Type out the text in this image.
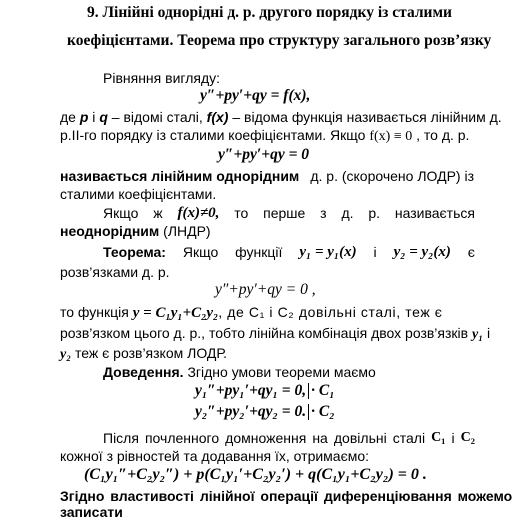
9. Лінійні однорідні д. р. другого порядку із сталими
коефіцієнтами. Теорема про структуру загального розв’язку
Рівняння вигляду:
y″+py′+qy = f(x),
де p і q – відомі сталі, f(x) – відома функція називається лінійним д.
р.ІІ-го порядку із сталими коефіцієнтами. Якщо f(x) ≡ 0 , то д. р.
y″+py′+qy = 0
називається лінійним однорідним д. р. (скорочено ЛОДР) із
сталими коефіцієнтами.
Якщо ж f(x)≠0, то перше з д. р. називається
неоднорідним (ЛНДР)
Теорема: Якщо функції y₁ = y₁(x) і y₂ = y₂(x) є
розв’язками д. р.
y″+py′+qy = 0 ,
то функція y = C₁y₁+C₂y₂, де C₁ і C₂ довільні сталі, теж є
розв’язком цього д. р., тобто лінійна комбінація двох розв’язків y₁ і
y₂ теж є розв’язком ЛОДР.
Доведення. Згідно умови теореми маємо
y₁″+py₁′+qy₁ = 0, · C₁
y₂″+py₂′+qy₂ = 0. · C₂
Після почленного домноження на довільні сталі C₁ і C₂
кожної з рівностей та додавання їх, отримаємо:
(C₁y₁″+C₂y₂″) + p(C₁y₁′+C₂y₂′) + q(C₁y₁+C₂y₂) = 0 .
Згідно властивості лінійної операції диференціювання можемо
записати
